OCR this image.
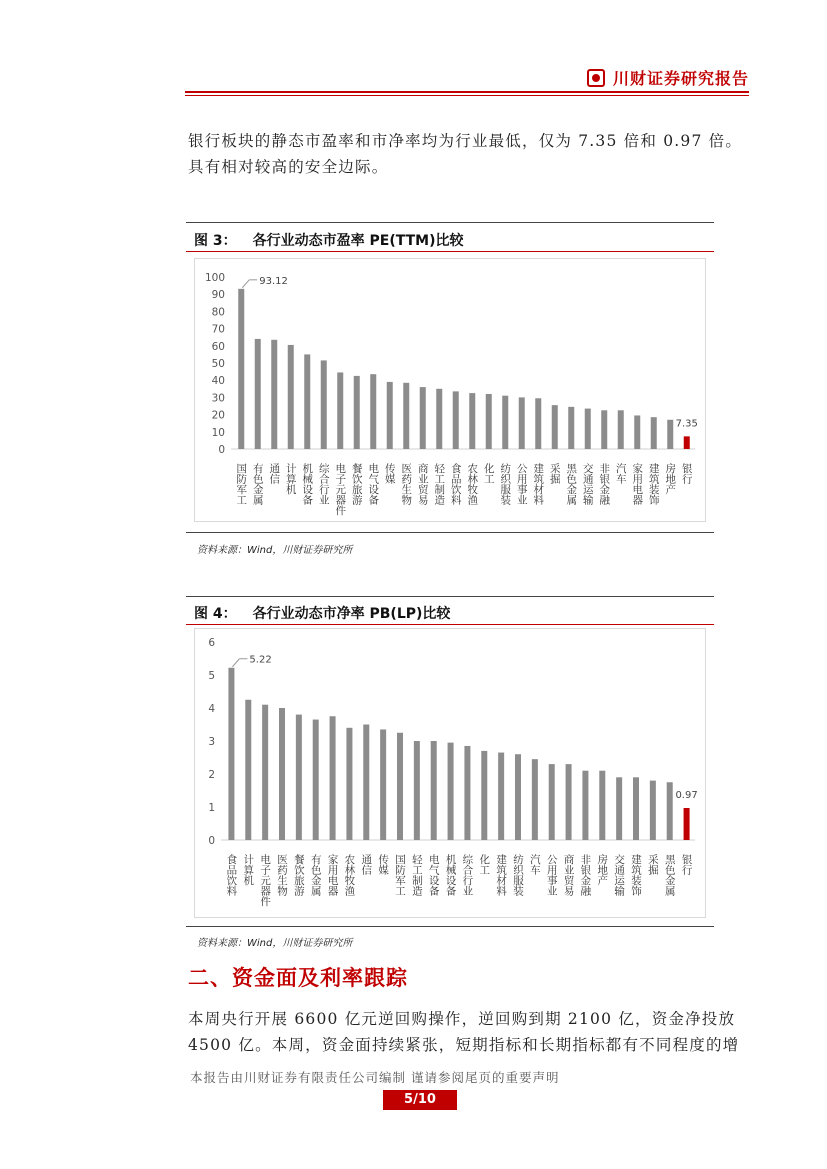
川财证券研究报告
银行板块的静态市盈率和市净率均为行业最低，仅为 7.35 倍和 0.97 倍。具有相对较高的安全边际。
图 3： 各行业动态市盈率 PE(TTM)比较
0
10
20
30
40
50
60
70
80
90
100
国防军工
93.12
有色金属 通信 计算机 机械设备 综合行业 电子元器件 餐饮旅游 电气设备 传媒 医药生物 商业贸易 轻工制造 食品饮料 农林牧渔 化工 纺织服装 公用事业 建筑材料 采掘 黑色金属 交通运输 非银金融 汽车 家用电器 建筑装饰 房地产 银行
7.35
资料来源：Wind，川财证券研究所
图 4： 各行业动态市净率 PB(LP)比较
0
1
2
3
4
5
6
食品饮料
5.22
计算机 电子元器件 医药生物 餐饮旅游 有色金属 家用电器 农林牧渔 通信 传媒 国防军工 轻工制造 电气设备 机械设备 综合行业 化工 建筑材料 纺织服装 汽车 公用事业 商业贸易 非银金融 房地产 交通运输 建筑装饰 采掘 黑色金属 银行
0.97
资料来源：Wind，川财证券研究所
二、资金面及利率跟踪
本周央行开展 6600 亿元逆回购操作，逆回购到期 2100 亿，资金净投放 4500 亿。本周，资金面持续紧张，短期指标和长期指标都有不同程度的增
本报告由川财证券有限责任公司编制 谨请参阅尾页的重要声明
5/10
